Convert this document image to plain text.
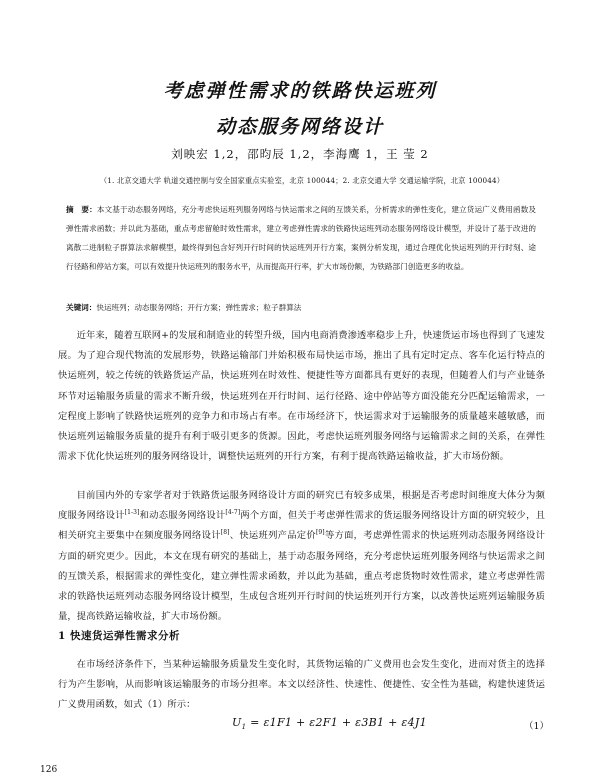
考虑弹性需求的铁路快运班列
动态服务网络设计
刘映宏 1,2，邵昀辰 1,2，李海鹰 1，王 莹 2
（1. 北京交通大学 轨道交通控制与安全国家重点实验室，北京 100044；2. 北京交通大学 交通运输学院，北京 100044）
摘　要：本文基于动态服务网络，充分考虑快运班列服务网络与快运需求之间的互馈关系，分析需求的弹性变化，建立货运广义费用函数及弹性需求函数；并以此为基础，重点考虑留舱时效性需求，建立考虑弹性需求的铁路快运班列动态服务网络设计模型，并设计了基于改进的离散二进制粒子群算法求解模型，最终得到包含好列开行时间的快运班列开行方案，案例分析发现，通过合理优化快运班列的开行时刻、途行径路和停站方案，可以有效提升快运班列的服务水平，从而提高开行率，扩大市场份额，为铁路部门创造更多的收益。
关键词：快运班列；动态服务网络；开行方案；弹性需求；粒子群算法

近年来，随着互联网+的发展和制造业的转型升级，国内电商消费渗透率稳步上升，快速货运市场也得到了飞速发展。为了迎合现代物流的发展形势，铁路运输部门并始积极布局快运市场，推出了具有定时定点、客车化运行特点的快运班列，较之传统的铁路货运产品，快运班列在时效性、便捷性等方面都具有更好的表现，但随着人们与产业链条环节对运输服务质量的需求不断升级，快运班列在开行时间、运行径路、途中停站等方面没能充分匹配运输需求，一定程度上影响了铁路快运班列的竞争力和市场占有率。在市场经济下，快运需求对于运输服务的质量越来越敏感，而快运班列运输服务质量的提升有利于吸引更多的货源。因此，考虑快运班列服务网络与运输需求之间的关系，在弹性需求下优化快运班列的服务网络设计，调整快运班列的开行方案，有利于提高铁路运输收益，扩大市场份额。

目前国内外的专家学者对于铁路货运服务网络设计方面的研究已有较多成果，根据是否考虑时间维度大体分为频度服务网络设计[1-3]和动态服务网络设计[4-7]两个方面，但关于考虑弹性需求的货运服务网络设计方面的研究较少，且相关研究主要集中在频度服务网络设计[8]、快运班列产品定价[9]等方面，考虑弹性需求的快运班列动态服务网络设计方面的研究更少。因此，本文在现有研究的基础上，基于动态服务网络，充分考虑快运班列服务网络与快运需求之间的互馈关系，根据需求的弹性变化，建立弹性需求函数，并以此为基础，重点考虑货物时效性需求，建立考虑弹性需求的铁路快运班列动态服务网络设计模型，生成包含班列开行时间的快运班列开行方案，以改善快运班列运输服务质量，提高铁路运输收益，扩大市场份额。

1 快速货运弹性需求分析

在市场经济条件下，当某种运输服务质量发生变化时，其货物运输的广义费用也会发生变化，进而对货主的选择行为产生影响，从而影响该运输服务的市场分担率。本文以经济性、快速性、便捷性、安全性为基础，构建快速货运广义费用函数，如式（1）所示：

$U_1 = \varepsilon 1F1 + \varepsilon 2F1 + \varepsilon 3B1 + \varepsilon 4J1$	（1）
126
